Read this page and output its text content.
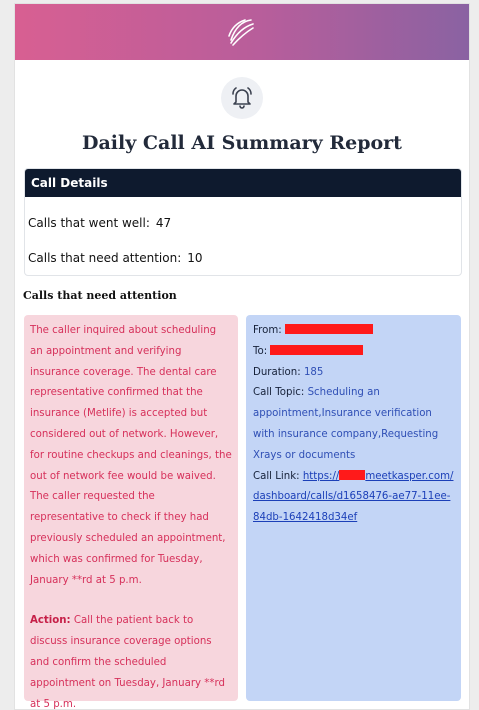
Daily Call AI Summary Report
Call Details
Calls that went well: 47
Calls that need attention: 10
Calls that need attention

The caller inquired about scheduling an appointment and verifying insurance coverage. The dental care representative confirmed that the insurance (Metlife) is accepted but considered out of network. However, for routine checkups and cleanings, the out of network fee would be waived. The caller requested the representative to check if they had previously scheduled an appointment, which was confirmed for Tuesday, January **rd at 5 p.m.

Action: Call the patient back to discuss insurance coverage options and confirm the scheduled appointment on Tuesday, January **rd at 5 p.m.

From:
To:
Duration: 185
Call Topic: Scheduling an appointment,Insurance verification with insurance company,Requesting Xrays or documents
Call Link: https://	meetkasper.com/ dashboard/calls/d1658476-ae77-11ee-84db-1642418d34ef
